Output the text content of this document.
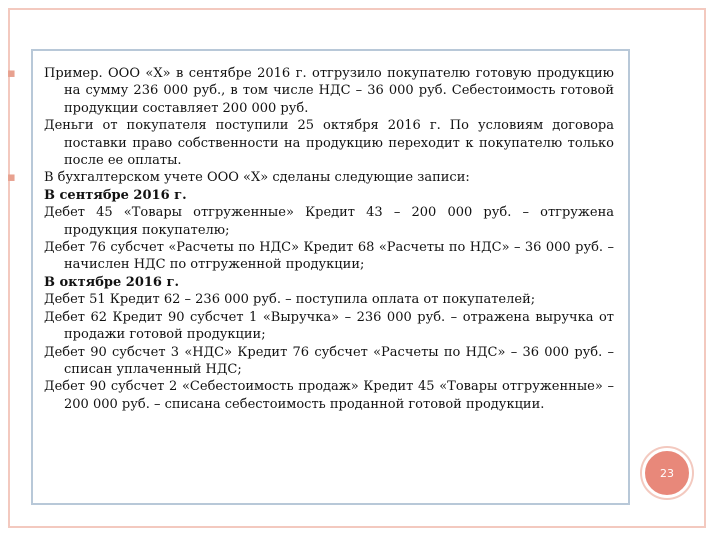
▪	Пример. ООО «Х» в сентябре 2016 г. отгрузило покупателю готовую продукцию на сумму 236 000 руб., в том числе НДС – 36 000 руб. Себестоимость готовой продукции составляет 200 000 руб.

Деньги от покупателя поступили 25 октября 2016 г. По условиям договора поставки право собственности на продукцию переходит к покупателю только после ее оплаты.

▪	В бухгалтерском учете ООО «Х» сделаны следующие записи:

В сентябре 2016 г.

Дебет 45 «Товары отгруженные» Кредит 43 – 200 000 руб. – отгружена продукция покупателю;

Дебет 76 субсчет «Расчеты по НДС» Кредит 68 «Расчеты по НДС» – 36 000 руб. – начислен НДС по отгруженной продукции;

В октябре 2016 г.

Дебет 51 Кредит 62 – 236 000 руб. – поступила оплата от покупателей;

Дебет 62 Кредит 90 субсчет 1 «Выручка» – 236 000 руб. – отражена выручка от продажи готовой продукции;

Дебет 90 субсчет 3 «НДС» Кредит 76 субсчет «Расчеты по НДС» – 36 000 руб. – списан уплаченный НДС;

Дебет 90 субсчет 2 «Себестоимость продаж» Кредит 45 «Товары отгруженные» – 200 000 руб. – списана себестоимость проданной готовой продукции.

23
